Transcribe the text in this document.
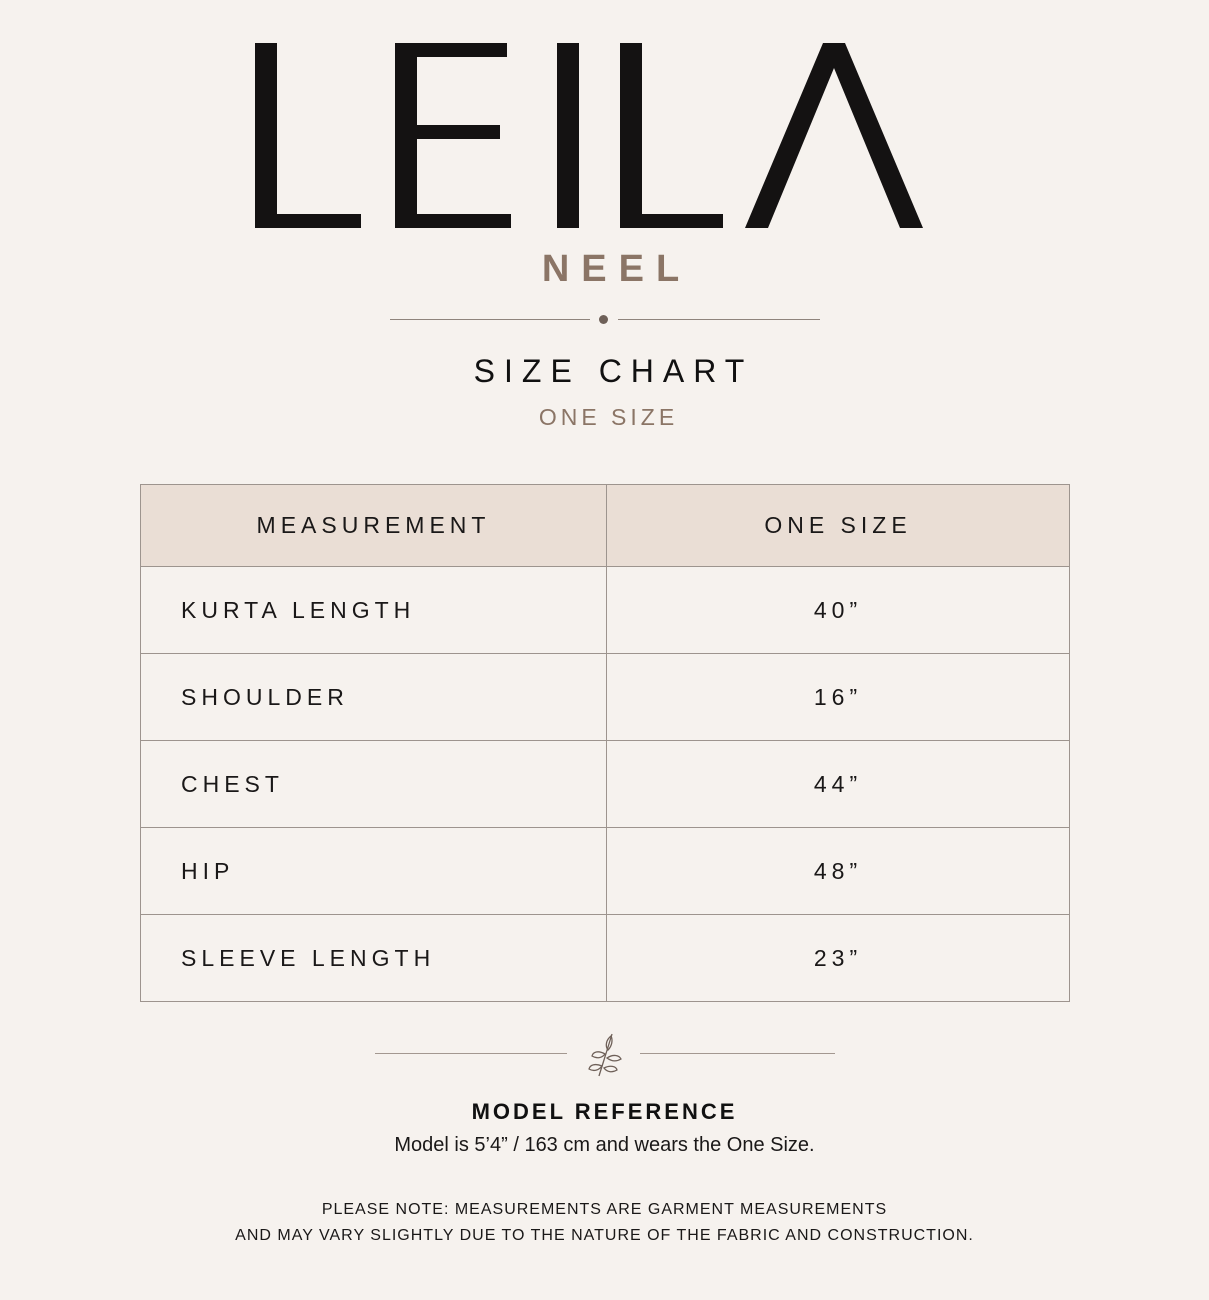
NEEL
SIZE CHART
ONE SIZE
MEASUREMENT	ONE SIZE
KURTA LENGTH	40”
SHOULDER	16”
CHEST	44”
HIP	48”
SLEEVE LENGTH	23”
MODEL REFERENCE
Model is 5’4” / 163 cm and wears the One Size.
PLEASE NOTE: MEASUREMENTS ARE GARMENT MEASUREMENTS
AND MAY VARY SLIGHTLY DUE TO THE NATURE OF THE FABRIC AND CONSTRUCTION.
